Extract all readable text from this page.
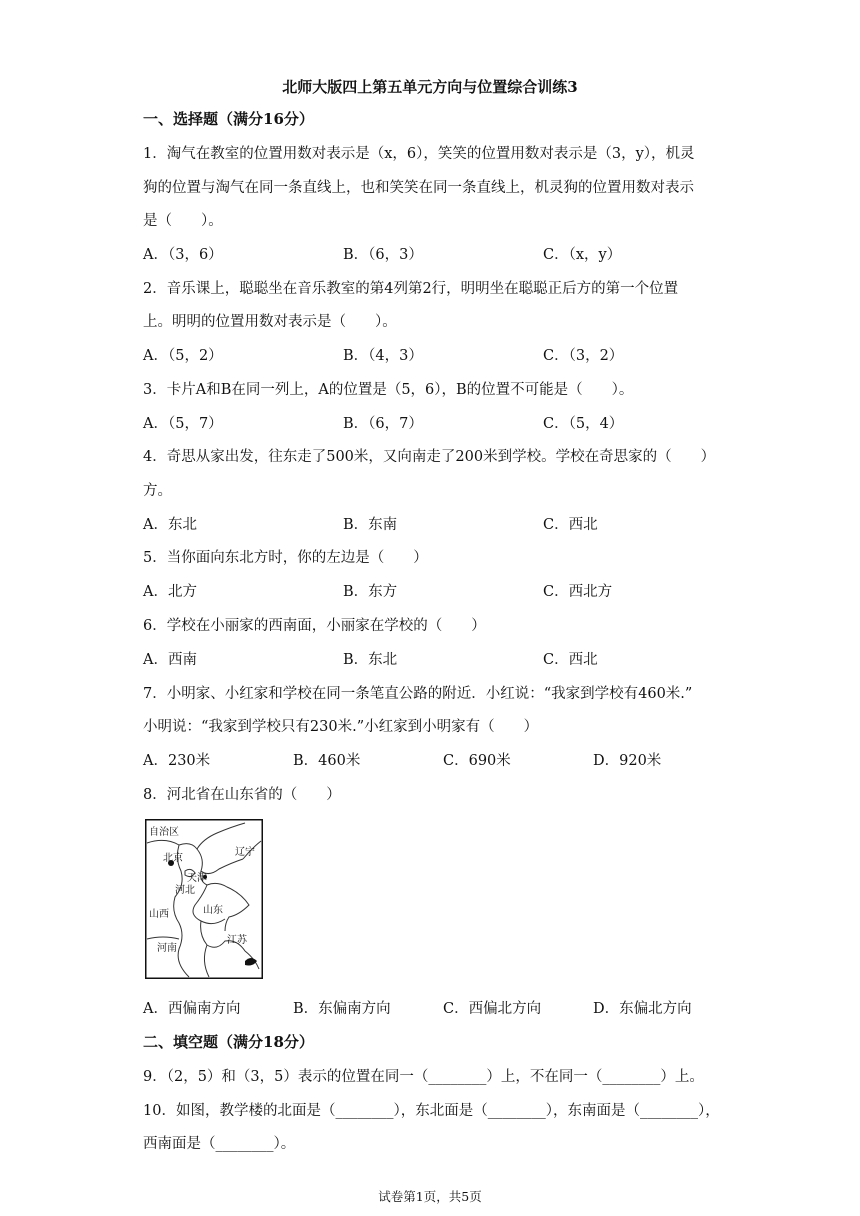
北师大版四上第五单元方向与位置综合训练3
一、选择题（满分16分）
1．淘气在教室的位置用数对表示是（x，6），笑笑的位置用数对表示是（3，y），机灵
狗的位置与淘气在同一条直线上，也和笑笑在同一条直线上，机灵狗的位置用数对表示
是（　　）。
A．（3，6）	B．（6，3）	C．（x，y）
2．音乐课上，聪聪坐在音乐教室的第4列第2行，明明坐在聪聪正后方的第一个位置
上。明明的位置用数对表示是（　　）。
A．（5，2）	B．（4，3）	C．（3，2）
3．卡片A和B在同一列上，A的位置是（5，6），B的位置不可能是（　　）。
A．（5，7）	B．（6，7）	C．（5，4）
4．奇思从家出发，往东走了500米，又向南走了200米到学校。学校在奇思家的（　　）
方。
A．东北	B．东南	C．西北
5．当你面向东北方时，你的左边是（　　）
A．北方	B．东方	C．西北方
6．学校在小丽家的西南面，小丽家在学校的（　　）
A．西南	B．东北	C．西北
7．小明家、小红家和学校在同一条笔直公路的附近．小红说：“我家到学校有460米.”
小明说：“我家到学校只有230米.”小红家到小明家有（　　）
A．230米	B．460米	C．690米	D．920米
8．河北省在山东省的（　　）
自治区
北京
辽宁
天津
河北
山东
山西
河南
江苏
A．西偏南方向	B．东偏南方向	C．西偏北方向	D．东偏北方向
二、填空题（满分18分）
9．（2，5）和（3，5）表示的位置在同一（________）上，不在同一（________）上。
10．如图，教学楼的北面是（________），东北面是（________），东南面是（________），
西南面是（________）。
试卷第1页，共5页
